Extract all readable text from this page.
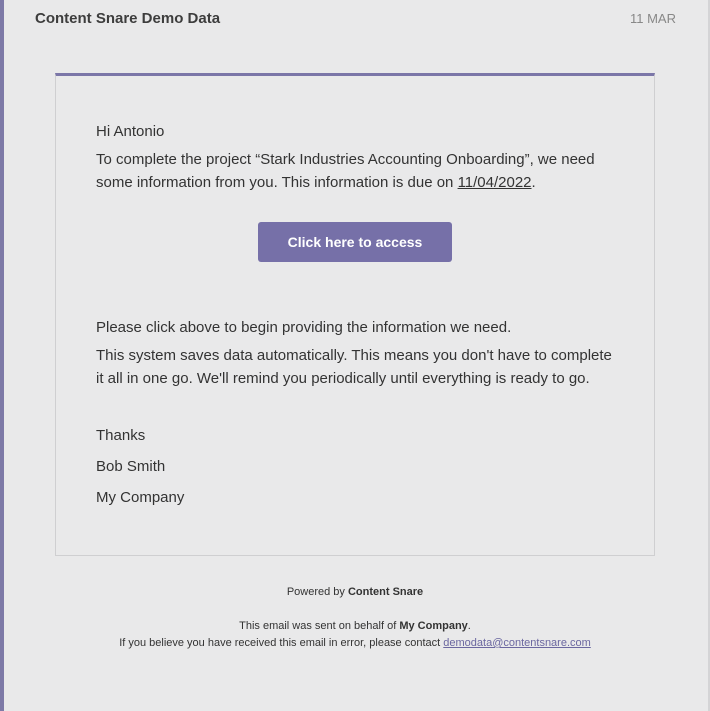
Content Snare Demo Data	11 MAR

Hi Antonio

To complete the project “Stark Industries Accounting Onboarding”, we need some information from you. This information is due on 11/04/2022.

Click here to access

Please click above to begin providing the information we need.

This system saves data automatically. This means you don't have to complete it all in one go. We'll remind you periodically until everything is ready to go.

Thanks

Bob Smith

My Company

Powered by Content Snare
This email was sent on behalf of My Company.
If you believe you have received this email in error, please contact demodata@contentsnare.com
